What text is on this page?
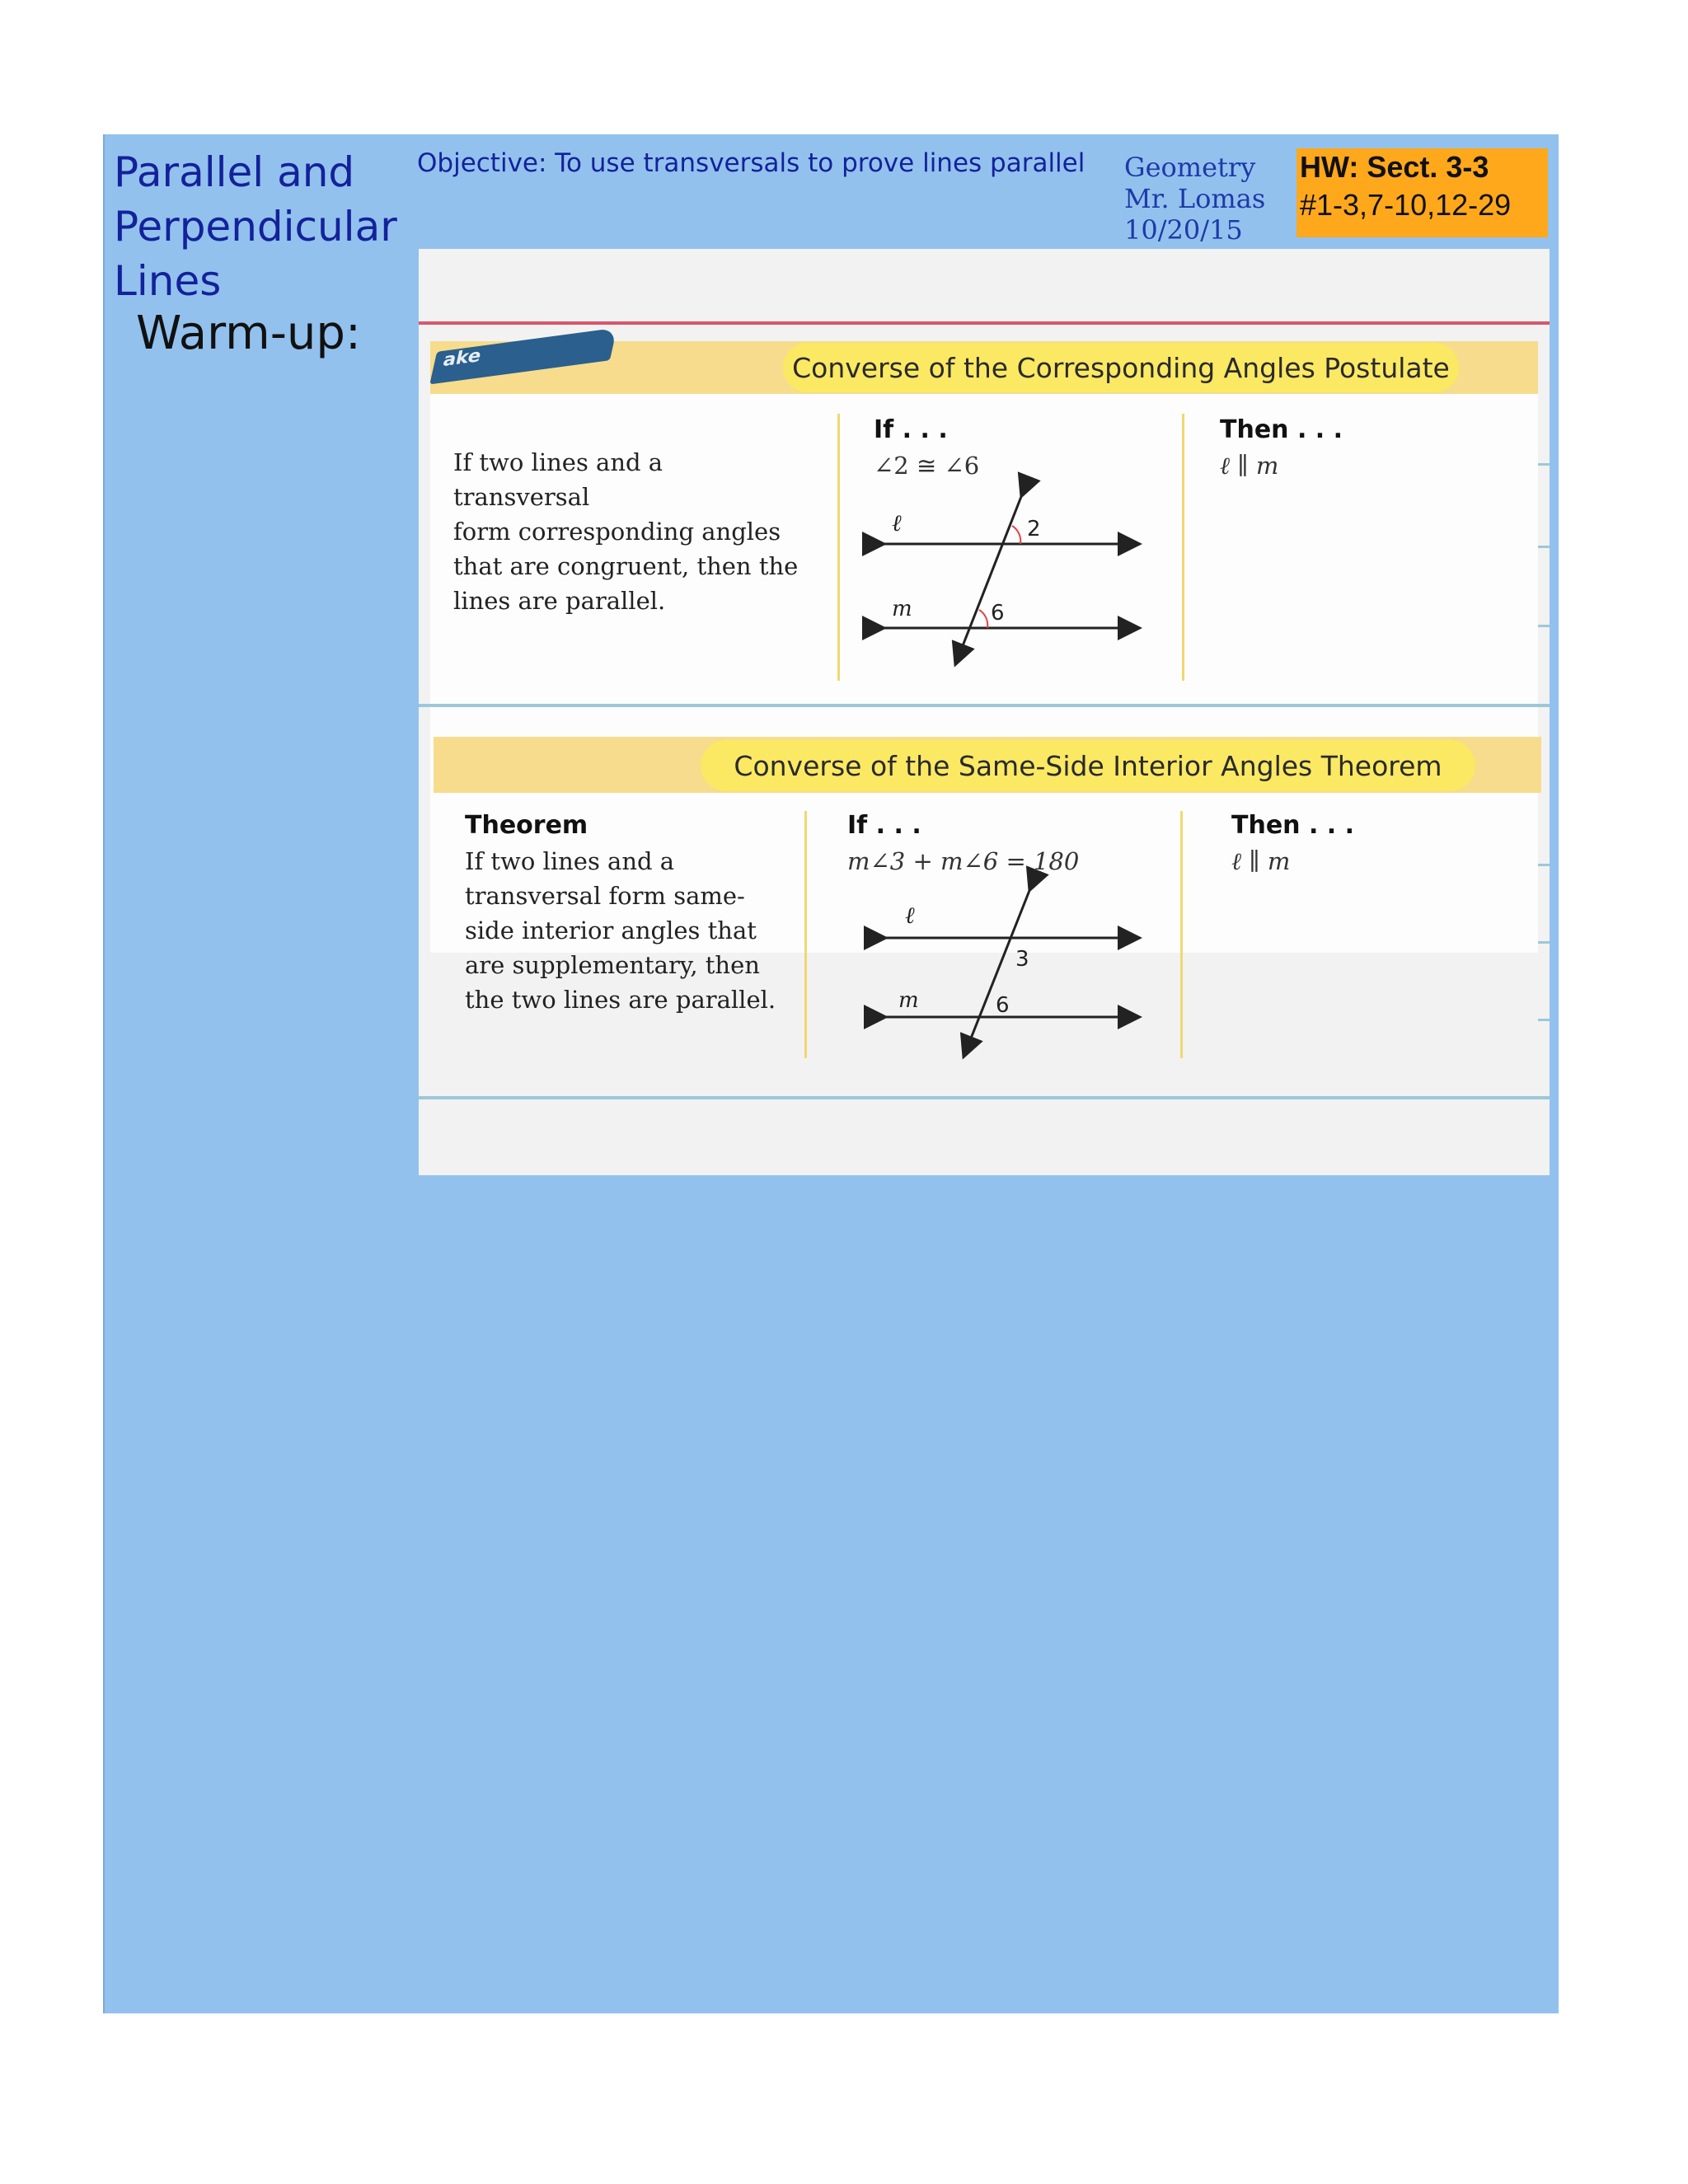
Parallel and
Perpendicular
Lines
Warm-up:
Objective: To use transversals to prove lines parallel Geometry
Mr. Lomas
10/20/15
HW: Sect. 3-3
#1-3,7-10,12-29
ake	Converse of the Corresponding Angles Postulate
If two lines and a transversal
form corresponding angles
that are congruent, then the
lines are parallel.
If . . .
∠2 ≅ ∠6
ℓ
m
2
6
Then . . .
ℓ ∥ m
Converse of the Same-Side Interior Angles Theorem
Theorem
If two lines and a
transversal form same-
side interior angles that
are supplementary, then
the two lines are parallel.
If . . .
m∠3 + m∠6 = 180
ℓ
m
3
6
Then . . .
ℓ ∥ m
